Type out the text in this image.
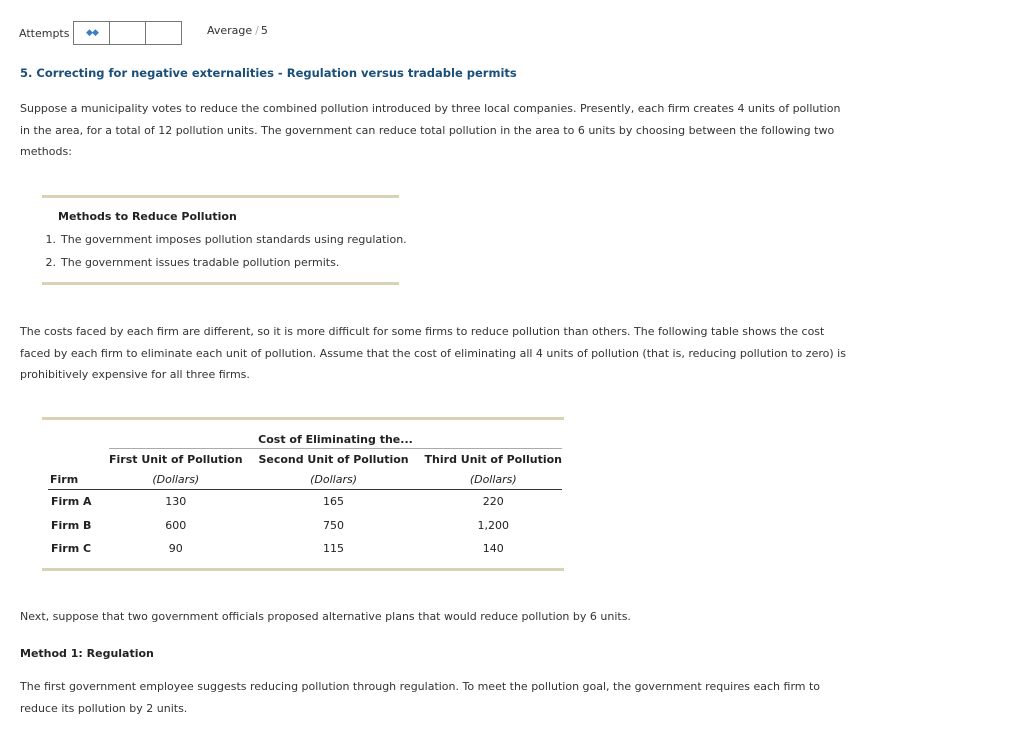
Attempts ◆◆	Average / 5
5. Correcting for negative externalities - Regulation versus tradable permits

Suppose a municipality votes to reduce the combined pollution introduced by three local companies. Presently, each firm creates 4 units of pollution in the area, for a total of 12 pollution units. The government can reduce total pollution in the area to 6 units by choosing between the following two methods:

Methods to Reduce Pollution

1. The government imposes pollution standards using regulation.
2. The government issues tradable pollution permits.

The costs faced by each firm are different, so it is more difficult for some firms to reduce pollution than others. The following table shows the cost faced by each firm to eliminate each unit of pollution. Assume that the cost of eliminating all 4 units of pollution (that is, reducing pollution to zero) is prohibitively expensive for all three firms.

	Cost of Eliminating the...		
	First Unit of Pollution	Second Unit of Pollution	Third Unit of Pollution
Firm	(Dollars)	(Dollars)	(Dollars)
Firm A	130	165	220
Firm B	600	750	1,200
Firm C	90	115	140

Next, suppose that two government officials proposed alternative plans that would reduce pollution by 6 units.

Method 1: Regulation

The first government employee suggests reducing pollution through regulation. To meet the pollution goal, the government requires each firm to reduce its pollution by 2 units.
